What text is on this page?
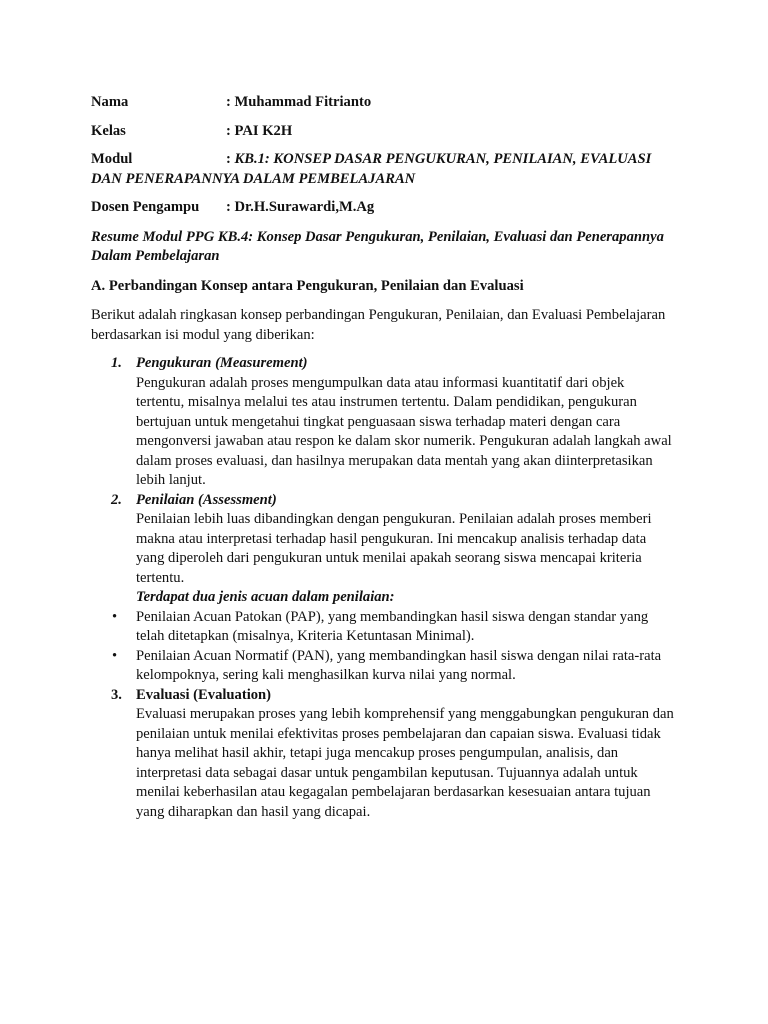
Nama	: Muhammad Fitrianto
Kelas	: PAI K2H
Modul	: KB.1: KONSEP DASAR PENGUKURAN, PENILAIAN, EVALUASI
DAN PENERAPANNYA DALAM PEMBELAJARAN
Dosen Pengampu : Dr.H.Surawardi,M.Ag
Resume Modul PPG KB.4: Konsep Dasar Pengukuran, Penilaian, Evaluasi dan Penerapannya Dalam Pembelajaran
A. Perbandingan Konsep antara Pengukuran, Penilaian dan Evaluasi
Berikut adalah ringkasan konsep perbandingan Pengukuran, Penilaian, dan Evaluasi Pembelajaran berdasarkan isi modul yang diberikan:
1. Pengukuran (Measurement)
Pengukuran adalah proses mengumpulkan data atau informasi kuantitatif dari objek tertentu, misalnya melalui tes atau instrumen tertentu. Dalam pendidikan, pengukuran bertujuan untuk mengetahui tingkat penguasaan siswa terhadap materi dengan cara mengonversi jawaban atau respon ke dalam skor numerik. Pengukuran adalah langkah awal dalam proses evaluasi, dan hasilnya merupakan data mentah yang akan diinterpretasikan lebih lanjut.
2. Penilaian (Assessment)
Penilaian lebih luas dibandingkan dengan pengukuran. Penilaian adalah proses memberi makna atau interpretasi terhadap hasil pengukuran. Ini mencakup analisis terhadap data yang diperoleh dari pengukuran untuk menilai apakah seorang siswa mencapai kriteria tertentu.
Terdapat dua jenis acuan dalam penilaian:
• Penilaian Acuan Patokan (PAP), yang membandingkan hasil siswa dengan standar yang telah ditetapkan (misalnya, Kriteria Ketuntasan Minimal).
• Penilaian Acuan Normatif (PAN), yang membandingkan hasil siswa dengan nilai rata-rata kelompoknya, sering kali menghasilkan kurva nilai yang normal.
3. Evaluasi (Evaluation)
Evaluasi merupakan proses yang lebih komprehensif yang menggabungkan pengukuran dan penilaian untuk menilai efektivitas proses pembelajaran dan capaian siswa. Evaluasi tidak hanya melihat hasil akhir, tetapi juga mencakup proses pengumpulan, analisis, dan interpretasi data sebagai dasar untuk pengambilan keputusan. Tujuannya adalah untuk menilai keberhasilan atau kegagalan pembelajaran berdasarkan kesesuaian antara tujuan yang diharapkan dan hasil yang dicapai.
